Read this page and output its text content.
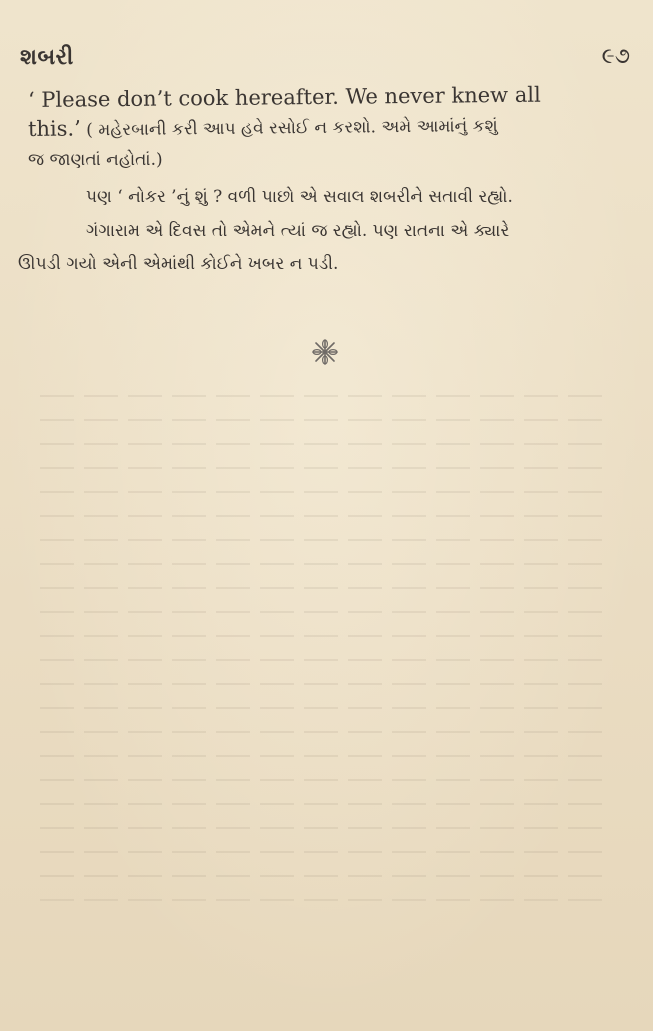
શબરી	૯૭
‘ Please don’t cook hereafter. We never knew all
this.’ ( મહેરબાની કરી આપ હવે રસોઈ ન કરશો. અમે આમાંનું કશું
જ જાણતાં નહોતાં.)
પણ ‘ નોકર ’નું શું ? વળી પાછો એ સવાલ શબરીને સતાવી રહ્યો.
ગંગારામ એ દિવસ તો એમને ત્યાં જ રહ્યો. પણ રાતના એ ક્યારે
ઊપડી ગયો એની એમાંથી કોઈને ખબર ન પડી.
